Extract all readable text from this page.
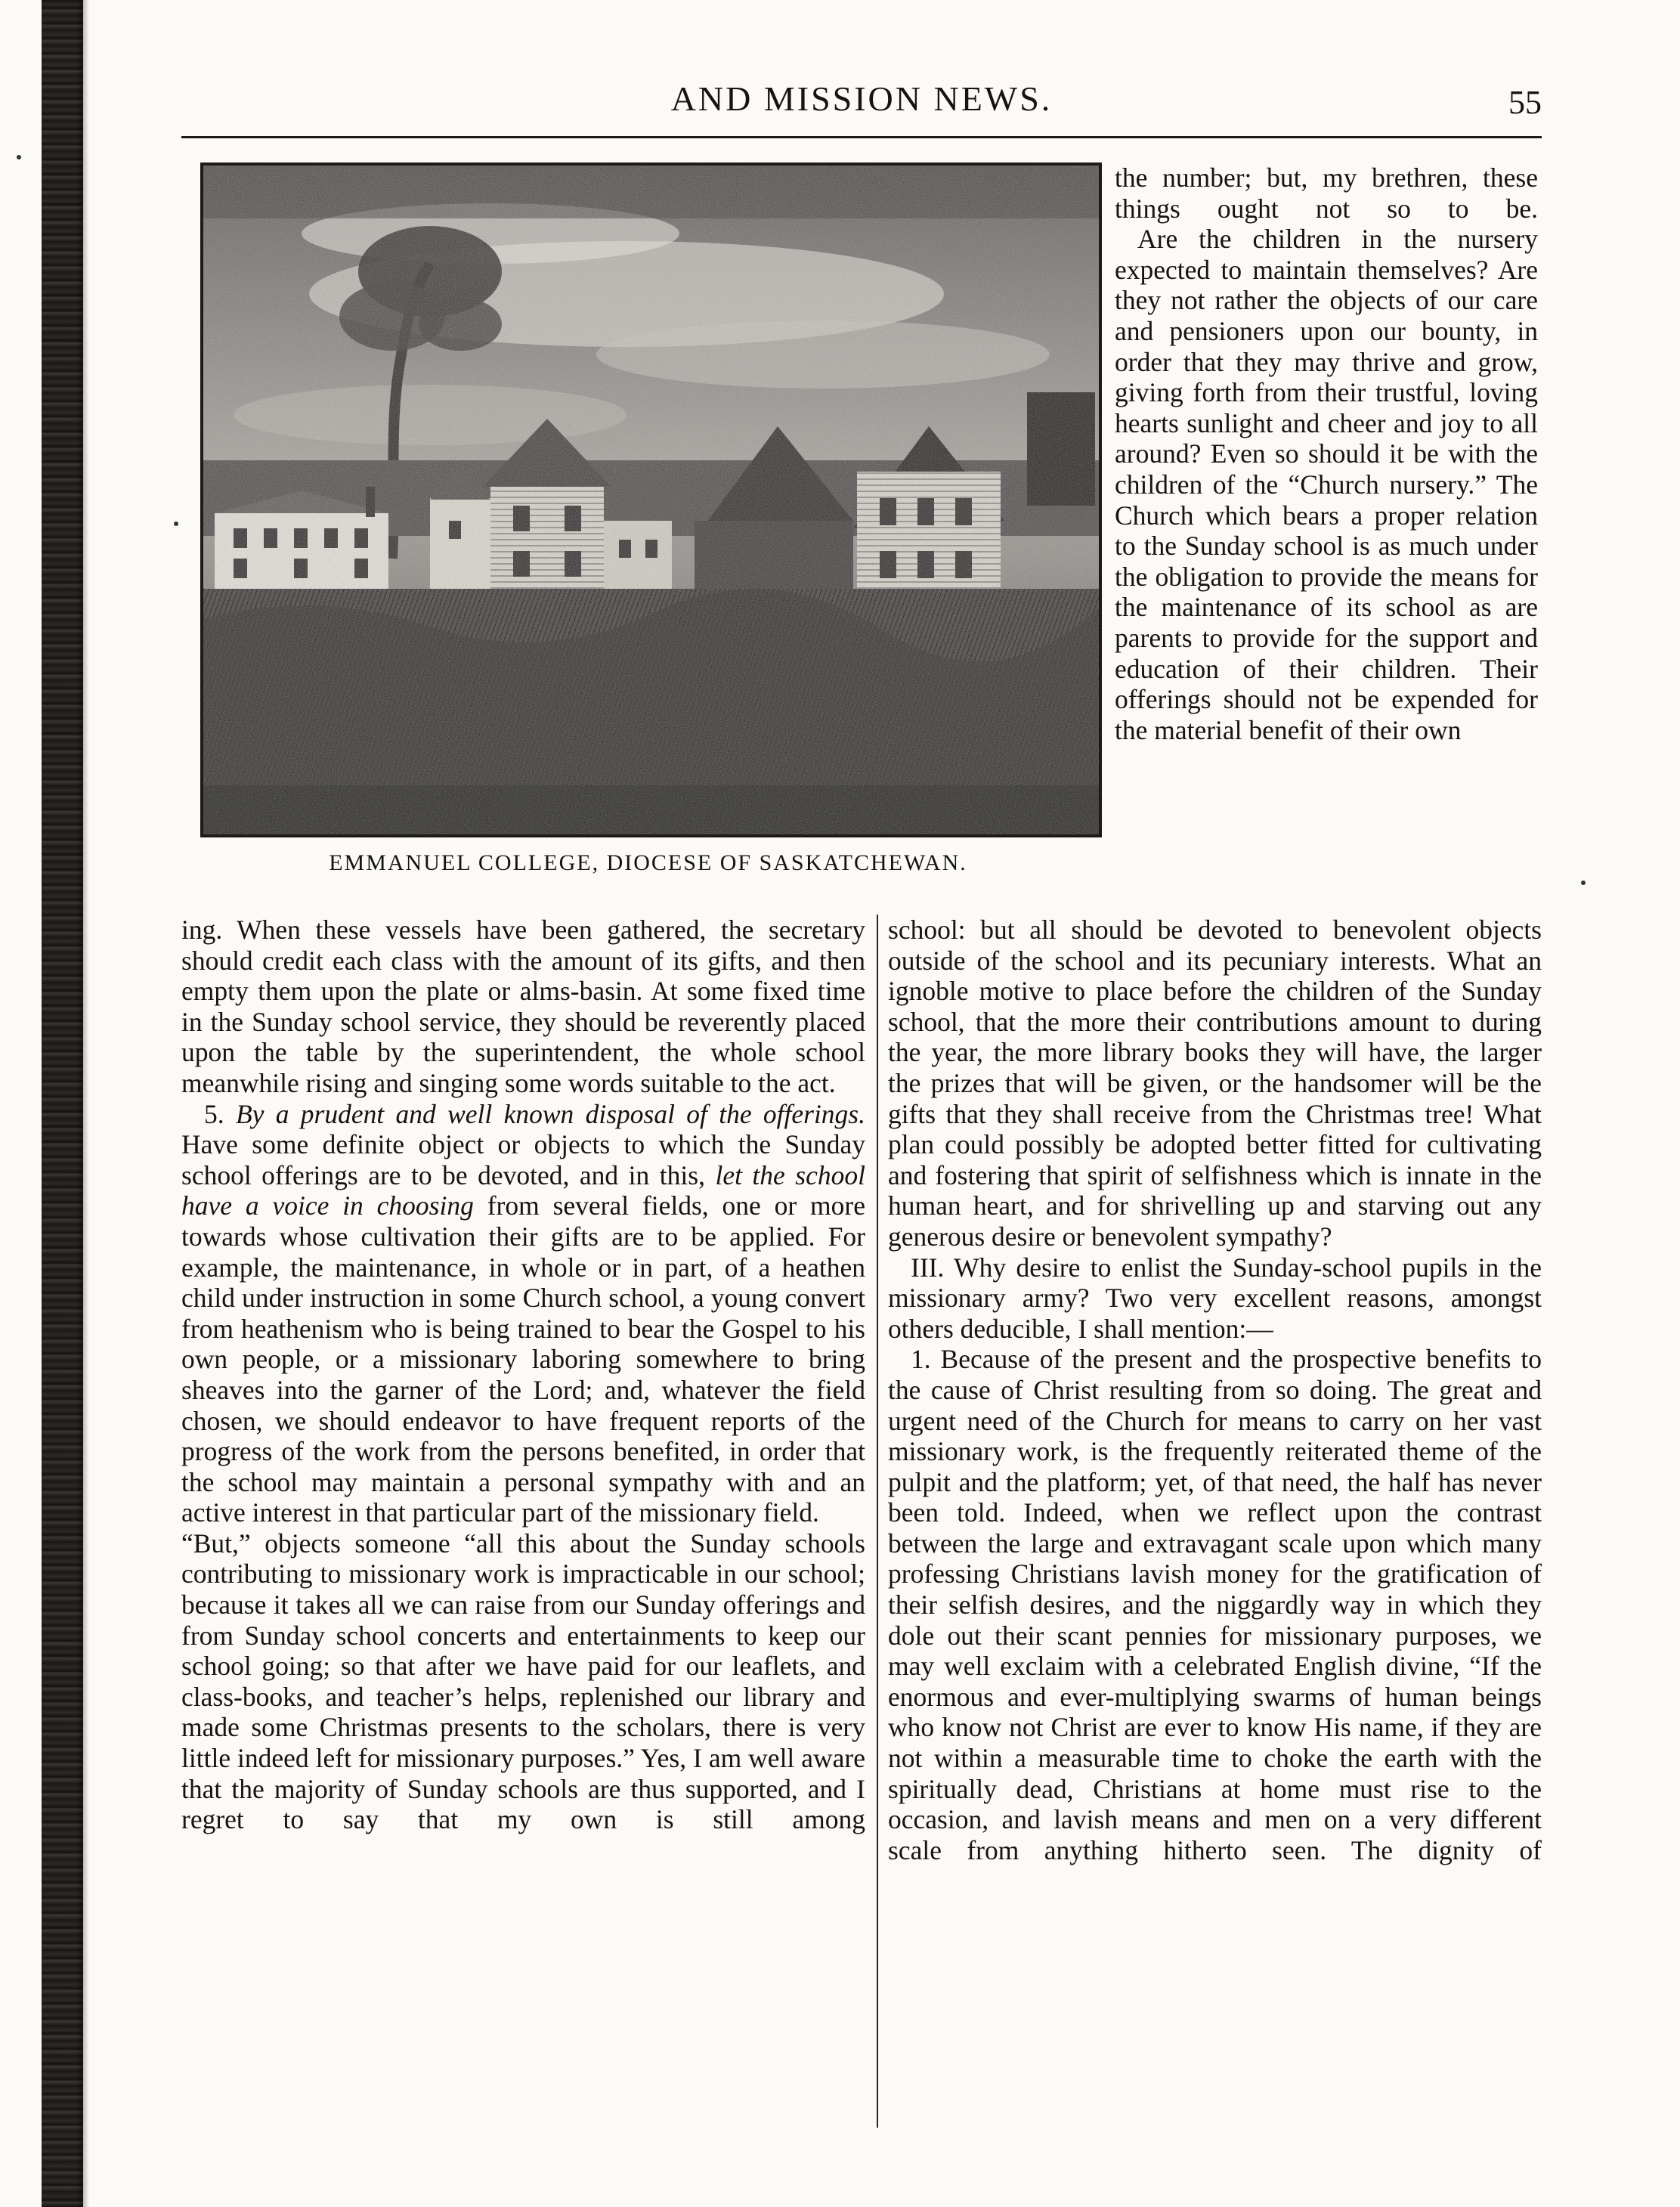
AND MISSION NEWS.	55
EMMANUEL COLLEGE, DIOCESE OF SASKATCHEWAN.

the number; but, my brethren, these things ought not so to be.

Are the children in the nursery expected to maintain themselves? Are they not rather the objects of our care and pensioners upon our bounty, in order that they may thrive and grow, giving forth from their trustful, loving hearts sunlight and cheer and joy to all around? Even so should it be with the children of the “Church nursery.” The Church which bears a proper relation to the Sunday school is as much under the obligation to provide the means for the maintenance of its school as are parents to provide for the support and education of their children. Their offerings should not be expended for the material benefit of their own

ing. When these vessels have been gathered, the secretary should credit each class with the amount of its gifts, and then empty them upon the plate or alms-basin. At some fixed time in the Sunday school service, they should be reverently placed upon the table by the superintendent, the whole school meanwhile rising and singing some words suitable to the act.

5. By a prudent and well known disposal of the offerings. Have some definite object or objects to which the Sunday school offerings are to be devoted, and in this, let the school have a voice in choosing from several fields, one or more towards whose cultivation their gifts are to be applied. For example, the maintenance, in whole or in part, of a heathen child under instruction in some Church school, a young convert from heathenism who is being trained to bear the Gospel to his own people, or a missionary laboring somewhere to bring sheaves into the garner of the Lord; and, whatever the field chosen, we should endeavor to have frequent reports of the progress of the work from the persons benefited, in order that the school may maintain a personal sympathy with and an active interest in that particular part of the missionary field.

“But,” objects someone “all this about the Sunday schools contributing to missionary work is impracticable in our school; because it takes all we can raise from our Sunday offerings and from Sunday school concerts and entertainments to keep our school going; so that after we have paid for our leaflets, and class-books, and teacher’s helps, replenished our library and made some Christmas presents to the scholars, there is very little indeed left for missionary purposes.” Yes, I am well aware that the majority of Sunday schools are thus supported, and I regret to say that my own is still among

school: but all should be devoted to benevolent objects outside of the school and its pecuniary interests. What an ignoble motive to place before the children of the Sunday school, that the more their contributions amount to during the year, the more library books they will have, the larger the prizes that will be given, or the handsomer will be the gifts that they shall receive from the Christmas tree! What plan could possibly be adopted better fitted for cultivating and fostering that spirit of selfishness which is innate in the human heart, and for shrivelling up and starving out any generous desire or benevolent sympathy?

III. Why desire to enlist the Sunday-school pupils in the missionary army? Two very excellent reasons, amongst others deducible, I shall mention:—

1. Because of the present and the prospective benefits to the cause of Christ resulting from so doing. The great and urgent need of the Church for means to carry on her vast missionary work, is the frequently reiterated theme of the pulpit and the platform; yet, of that need, the half has never been told. Indeed, when we reflect upon the contrast between the large and extravagant scale upon which many professing Christians lavish money for the gratification of their selfish desires, and the niggardly way in which they dole out their scant pennies for missionary purposes, we may well exclaim with a celebrated English divine, “If the enormous and ever-multiplying swarms of human beings who know not Christ are ever to know His name, if they are not within a measurable time to choke the earth with the spiritually dead, Christians at home must rise to the occasion, and lavish means and men on a very different scale from anything hitherto seen. The dignity of
